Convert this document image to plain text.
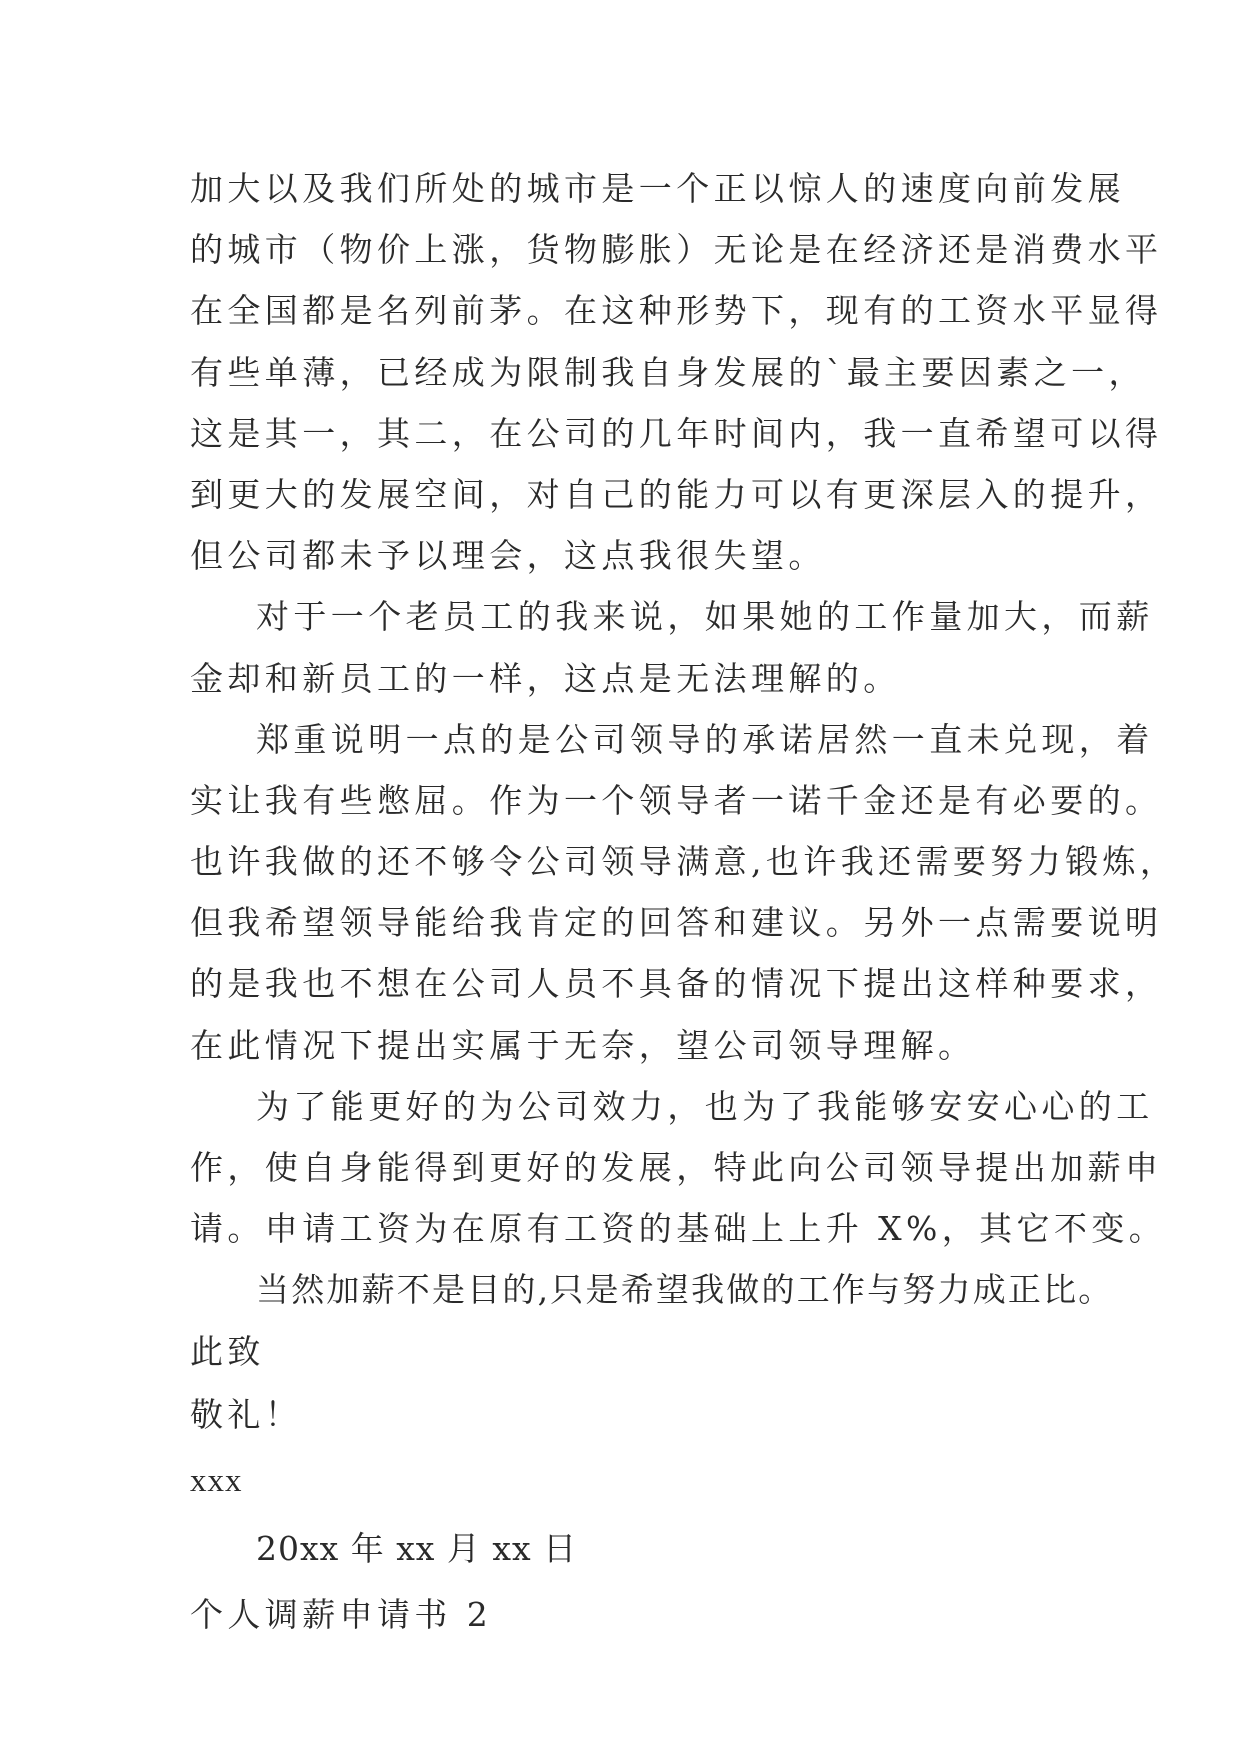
加大以及我们所处的城市是一个正以惊人的速度向前发展

的城市（物价上涨，货物膨胀）无论是在经济还是消费水平

在全国都是名列前茅。在这种形势下，现有的工资水平显得

有些单薄，已经成为限制我自身发展的`最主要因素之一，

这是其一，其二，在公司的几年时间内，我一直希望可以得

到更大的发展空间，对自己的能力可以有更深层入的提升，

但公司都未予以理会，这点我很失望。

对于一个老员工的我来说，如果她的工作量加大，而薪

金却和新员工的一样，这点是无法理解的。

郑重说明一点的是公司领导的承诺居然一直未兑现，着

实让我有些憋屈。作为一个领导者一诺千金还是有必要的。

也许我做的还不够令公司领导满意,也许我还需要努力锻炼，

但我希望领导能给我肯定的回答和建议。另外一点需要说明

的是我也不想在公司人员不具备的情况下提出这样种要求，

在此情况下提出实属于无奈，望公司领导理解。

为了能更好的为公司效力，也为了我能够安安心心的工

作，使自身能得到更好的发展，特此向公司领导提出加薪申

请。申请工资为在原有工资的基础上上升 X%，其它不变。

当然加薪不是目的,只是希望我做的工作与努力成正比。

此致

敬礼！

xxx

20xx 年 xx 月 xx 日

个人调薪申请书 2
